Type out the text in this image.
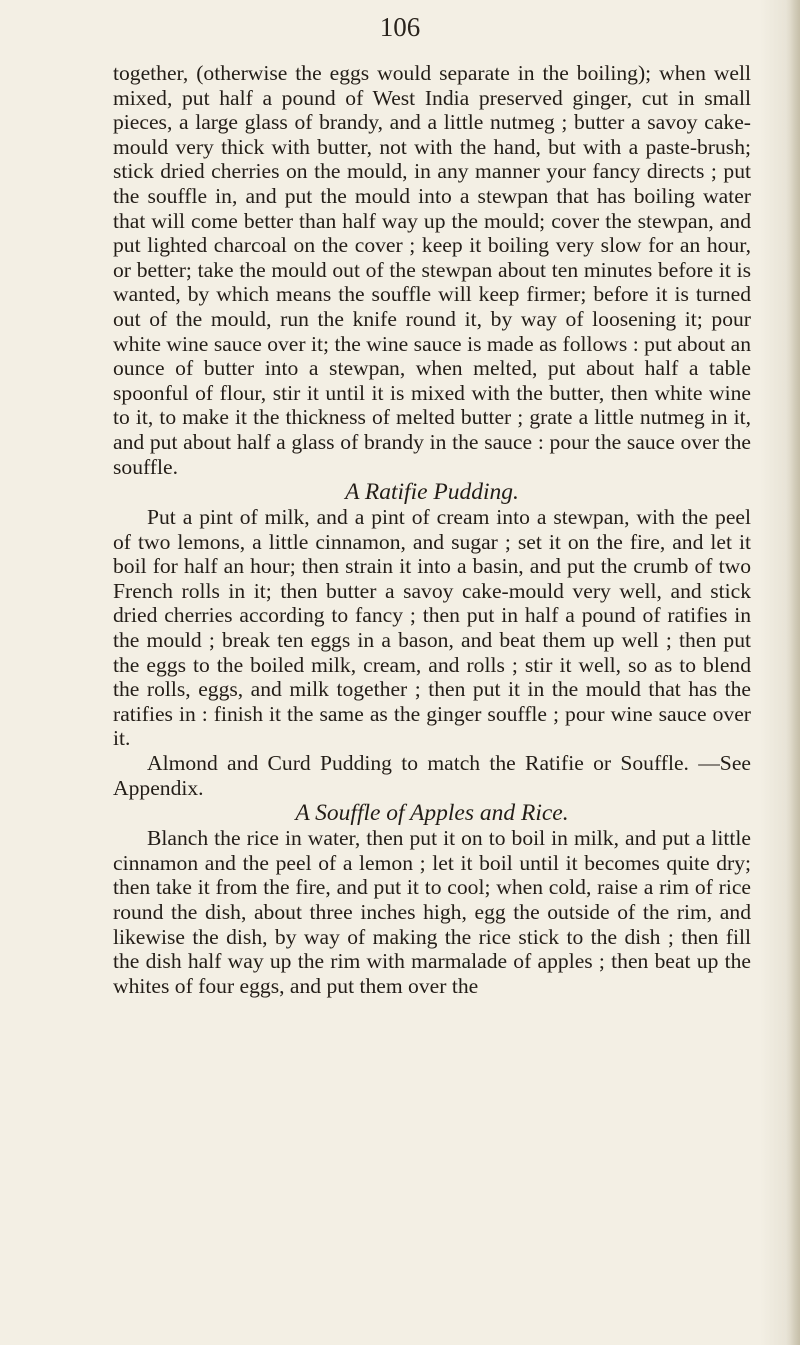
106

together, (otherwise the eggs would separate in the boiling); when well mixed, put half a pound of West India preserved ginger, cut in small pieces, a large glass of brandy, and a little nutmeg ; butter a savoy cake-mould very thick with butter, not with the hand, but with a paste-brush; stick dried cherries on the mould, in any manner your fancy directs ; put the souffle in, and put the mould into a stewpan that has boiling water that will come better than half way up the mould; cover the stewpan, and put lighted charcoal on the cover ; keep it boiling very slow for an hour, or better; take the mould out of the stewpan about ten minutes before it is wanted, by which means the souffle will keep firmer; before it is turned out of the mould, run the knife round it, by way of loosening it; pour white wine sauce over it; the wine sauce is made as follows : put about an ounce of butter into a stewpan, when melted, put about half a table spoonful of flour, stir it until it is mixed with the butter, then white wine to it, to make it the thickness of melted butter ; grate a little nutmeg in it, and put about half a glass of brandy in the sauce : pour the sauce over the souffle.

A Ratifie Pudding.

Put a pint of milk, and a pint of cream into a stewpan, with the peel of two lemons, a little cinnamon, and sugar ; set it on the fire, and let it boil for half an hour; then strain it into a basin, and put the crumb of two French rolls in it; then butter a savoy cake-mould very well, and stick dried cherries according to fancy ; then put in half a pound of ratifies in the mould ; break ten eggs in a bason, and beat them up well ; then put the eggs to the boiled milk, cream, and rolls ; stir it well, so as to blend the rolls, eggs, and milk together ; then put it in the mould that has the ratifies in : finish it the same as the ginger souffle ; pour wine sauce over it.

Almond and Curd Pudding to match the Ratifie or Souffle. —See Appendix.

A Souffle of Apples and Rice.

Blanch the rice in water, then put it on to boil in milk, and put a little cinnamon and the peel of a lemon ; let it boil until it becomes quite dry; then take it from the fire, and put it to cool; when cold, raise a rim of rice round the dish, about three inches high, egg the outside of the rim, and likewise the dish, by way of making the rice stick to the dish ; then fill the dish half way up the rim with marmalade of apples ; then beat up the whites of four eggs, and put them over the
